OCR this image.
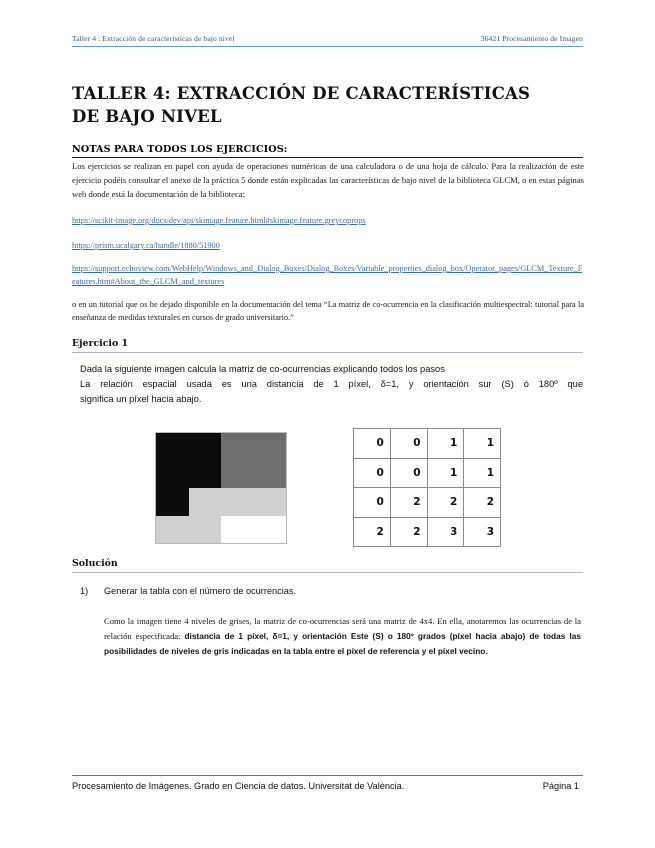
Taller 4 : Extracción de características de bajo nivel	36421 Procesamiento de Imagen
TALLER 4: EXTRACCIÓN DE CARACTERÍSTICAS DE BAJO NIVEL
NOTAS PARA TODOS LOS EJERCICIOS:
Los ejercicios se realizan en papel con ayuda de operaciones numéricas de una calculadora o de una hoja de cálculo. Para la realización de este ejercicio podéis consultar el anexo de la práctica 5 donde están explicadas las características de bajo nivel de la biblioteca GLCM, o en estas páginas web donde está la documentación de la biblioteca:
https://scikit-image.org/docs/dev/api/skimage.feature.html#skimage.feature.greycoprops
https://prism.ucalgary.ca/handle/1880/51900
https://support.echoview.com/WebHelp/Windows_and_Dialog_Boxes/Dialog_Boxes/Variable_properties_dialog_box/Operator_pages/GLCM_Texture_Features.htm#About_the_GLCM_and_textures
o en un tutorial que os he dejado disponible en la documentación del tema “La matriz de co-ocurrencia en la clasificación multiespectral: tutorial para la enseñanza de medidas texturales en cursos de grado universitario.”
Ejercicio 1
Dada la siguiente imagen calcula la matriz de co-ocurrencias explicando todos los pasos
La relación espacial usada es una distancia de 1 píxel, δ=1, y orientación sur (S) ó 180º que
significa un píxel hacia abajo.
0	0	1	1
0	0	1	1
0	2	2	2
2	2	3	3
Solución
1)	Generar la tabla con el número de ocurrencias.
Como la imagen tiene 4 niveles de grises, la matriz de co-ocurrencias será una matriz de 4x4. En ella, anotaremos las ocurrencias de la relación especificada: distancia de 1 píxel, δ=1, y orientación Este (S) o 180º grados (píxel hacia abajo) de todas las posibilidades de niveles de gris indicadas en la tabla entre el píxel de referencia y el píxel vecino.
Procesamiento de Imágenes. Grado en Ciencia de datos. Universitat de València.	Página 1
